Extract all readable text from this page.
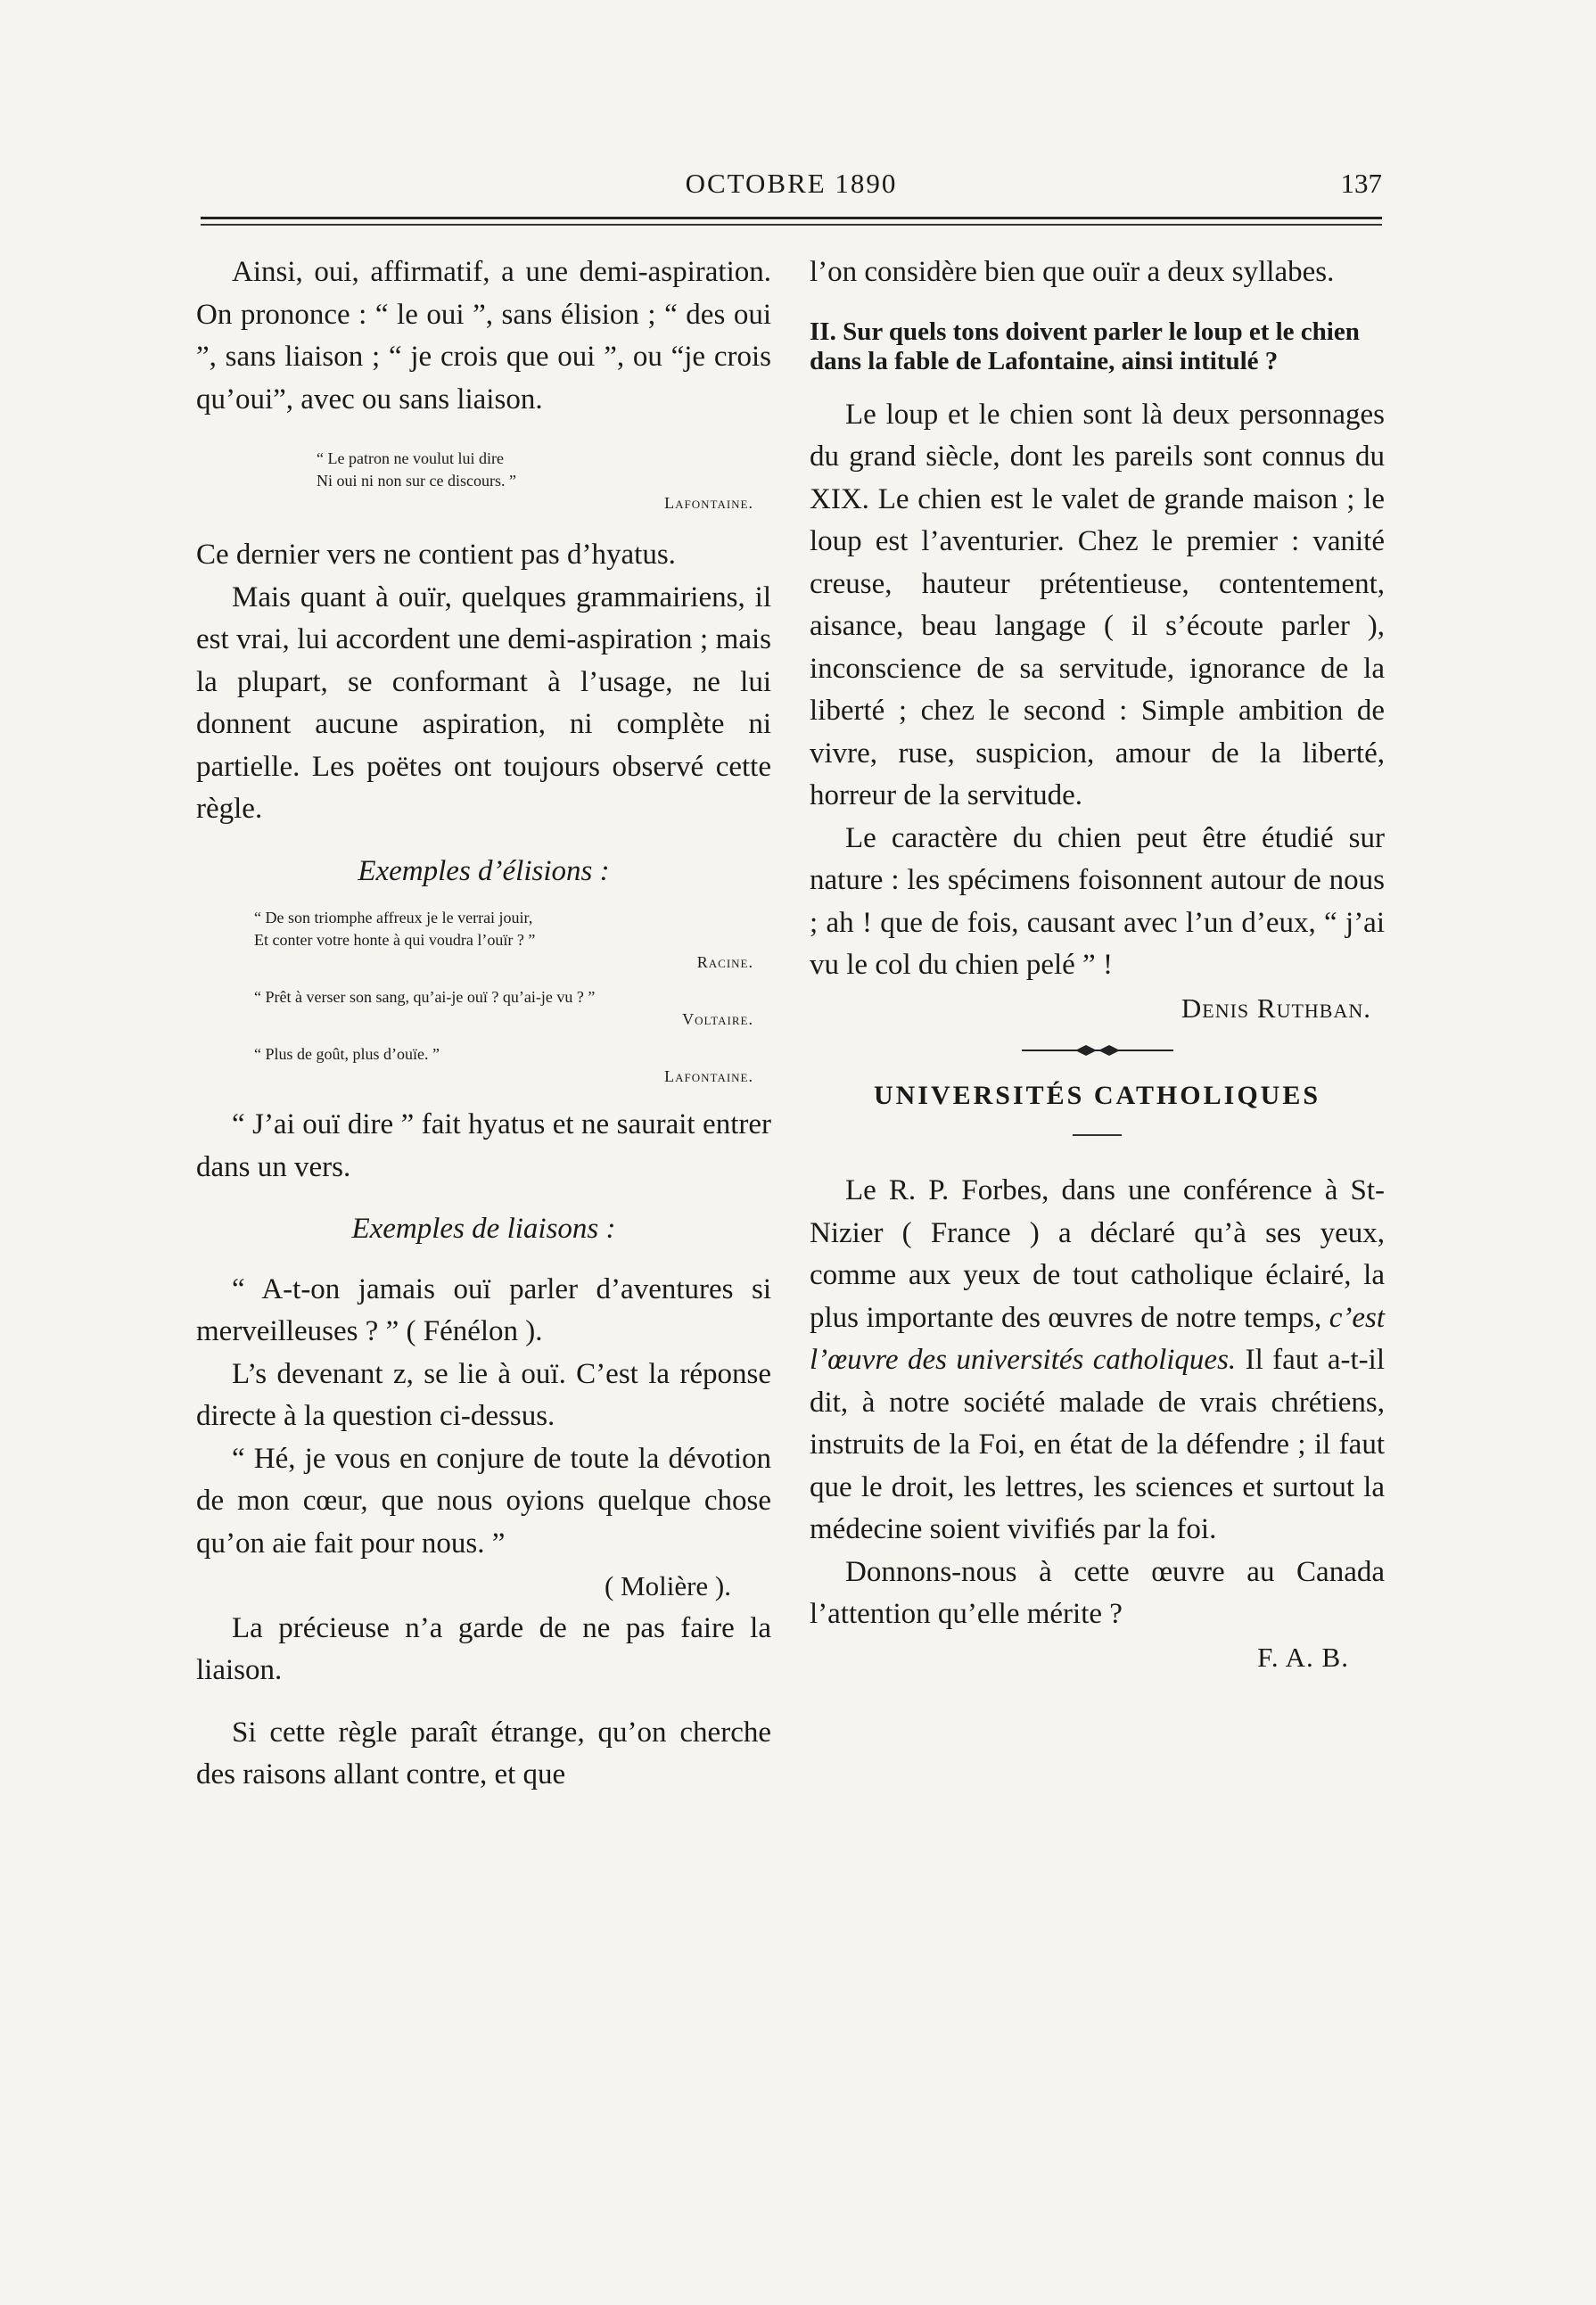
OCTOBRE 1890	137

Ainsi, oui, affirmatif, a une demi-aspiration. On prononce : “ le oui ”, sans élision ; “ des oui ”, sans liaison ; “ je crois que oui ”, ou “je crois qu’oui”, avec ou sans liaison.

“ Le patron ne voulut lui dire
Ni oui ni non sur ce discours. ”
Lafontaine.

Ce dernier vers ne contient pas d’hyatus.

Mais quant à ouïr, quelques grammairiens, il est vrai, lui accordent une demi-aspiration ; mais la plupart, se conformant à l’usage, ne lui donnent aucune aspiration, ni complète ni partielle. Les poëtes ont toujours observé cette règle.

Exemples d’élisions :

“ De son triomphe affreux je le verrai jouir,
Et conter votre honte à qui voudra l’ouïr ? ”
Racine.
“ Prêt à verser son sang, qu’ai-je ouï ? qu’ai-je vu ? ”
Voltaire.
“ Plus de goût, plus d’ouïe. ”
Lafontaine.

“ J’ai ouï dire ” fait hyatus et ne saurait entrer dans un vers.

Exemples de liaisons :

“ A-t-on jamais ouï parler d’aventures si merveilleuses ? ” ( Fénélon ).

L’s devenant z, se lie à ouï. C’est la réponse directe à la question ci-dessus.

“ Hé, je vous en conjure de toute la dévotion de mon cœur, que nous oyions quelque chose qu’on aie fait pour nous. ”

( Molière ).

La précieuse n’a garde de ne pas faire la liaison.

Si cette règle paraît étrange, qu’on cherche des raisons allant contre, et que

l’on considère bien que ouïr a deux syllabes.

II. Sur quels tons doivent parler le loup et le chien dans la fable de Lafontaine, ainsi intitulé ?

Le loup et le chien sont là deux personnages du grand siècle, dont les pareils sont connus du XIX. Le chien est le valet de grande maison ; le loup est l’aventurier. Chez le premier : vanité creuse, hauteur prétentieuse, contentement, aisance, beau langage ( il s’écoute parler ), inconscience de sa servitude, ignorance de la liberté ; chez le second : Simple ambition de vivre, ruse, suspicion, amour de la liberté, horreur de la servitude.

Le caractère du chien peut être étudié sur nature : les spécimens foisonnent autour de nous ; ah ! que de fois, causant avec l’un d’eux, “ j’ai vu le col du chien pelé ” !

Denis Ruthban.

UNIVERSITÉS CATHOLIQUES

Le R. P. Forbes, dans une conférence à St-Nizier ( France ) a déclaré qu’à ses yeux, comme aux yeux de tout catholique éclairé, la plus importante des œuvres de notre temps, c’est l’œuvre des universités catholiques. Il faut a-t-il dit, à notre société malade de vrais chrétiens, instruits de la Foi, en état de la défendre ; il faut que le droit, les lettres, les sciences et surtout la médecine soient vivifiés par la foi.

Donnons-nous à cette œuvre au Canada l’attention qu’elle mérite ?

F. A. B.
